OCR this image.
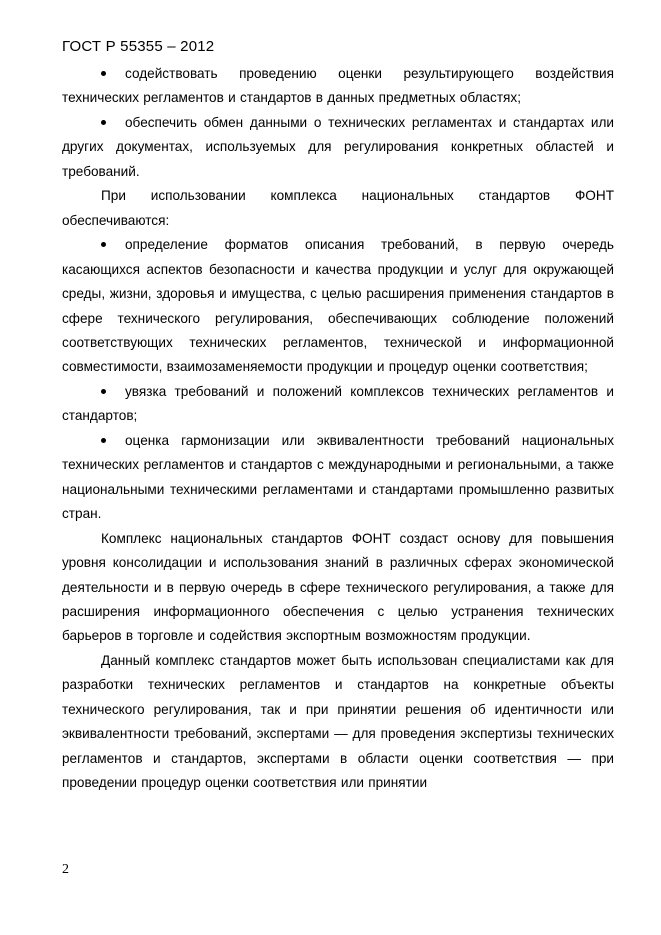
ГОСТ Р 55355 – 2012

содействовать проведению оценки результирующего воздействия технических регламентов и стандартов в данных предметных областях;

обеспечить обмен данными о технических регламентах и стандартах или других документах, используемых для регулирования конкретных областей и требований.

При использовании комплекса национальных стандартов ФОНТ обеспечиваются:

определение форматов описания требований, в первую очередь касающихся аспектов безопасности и качества продукции и услуг для окружающей среды, жизни, здоровья и имущества, с целью расширения применения стандартов в сфере технического регулирования, обеспечивающих соблюдение положений соответствующих технических регламентов, технической и информационной совместимости, взаимозаменяемости продукции и процедур оценки соответствия;

увязка требований и положений комплексов технических регламентов и стандартов;

оценка гармонизации или эквивалентности требований национальных технических регламентов и стандартов с международными и региональными, а также национальными техническими регламентами и стандартами промышленно развитых стран.

Комплекс национальных стандартов ФОНТ создаст основу для повышения уровня консолидации и использования знаний в различных сферах экономической деятельности и в первую очередь в сфере технического регулирования, а также для расширения информационного обеспечения с целью устранения технических барьеров в торговле и содействия экспортным возможностям продукции.

Данный комплекс стандартов может быть использован специалистами как для разработки технических регламентов и стандартов на конкретные объекты технического регулирования, так и при принятии решения об идентичности или эквивалентности требований, экспертами — для проведения экспертизы технических регламентов и стандартов, экспертами в области оценки соответствия — при проведении процедур оценки соответствия или принятии

2
